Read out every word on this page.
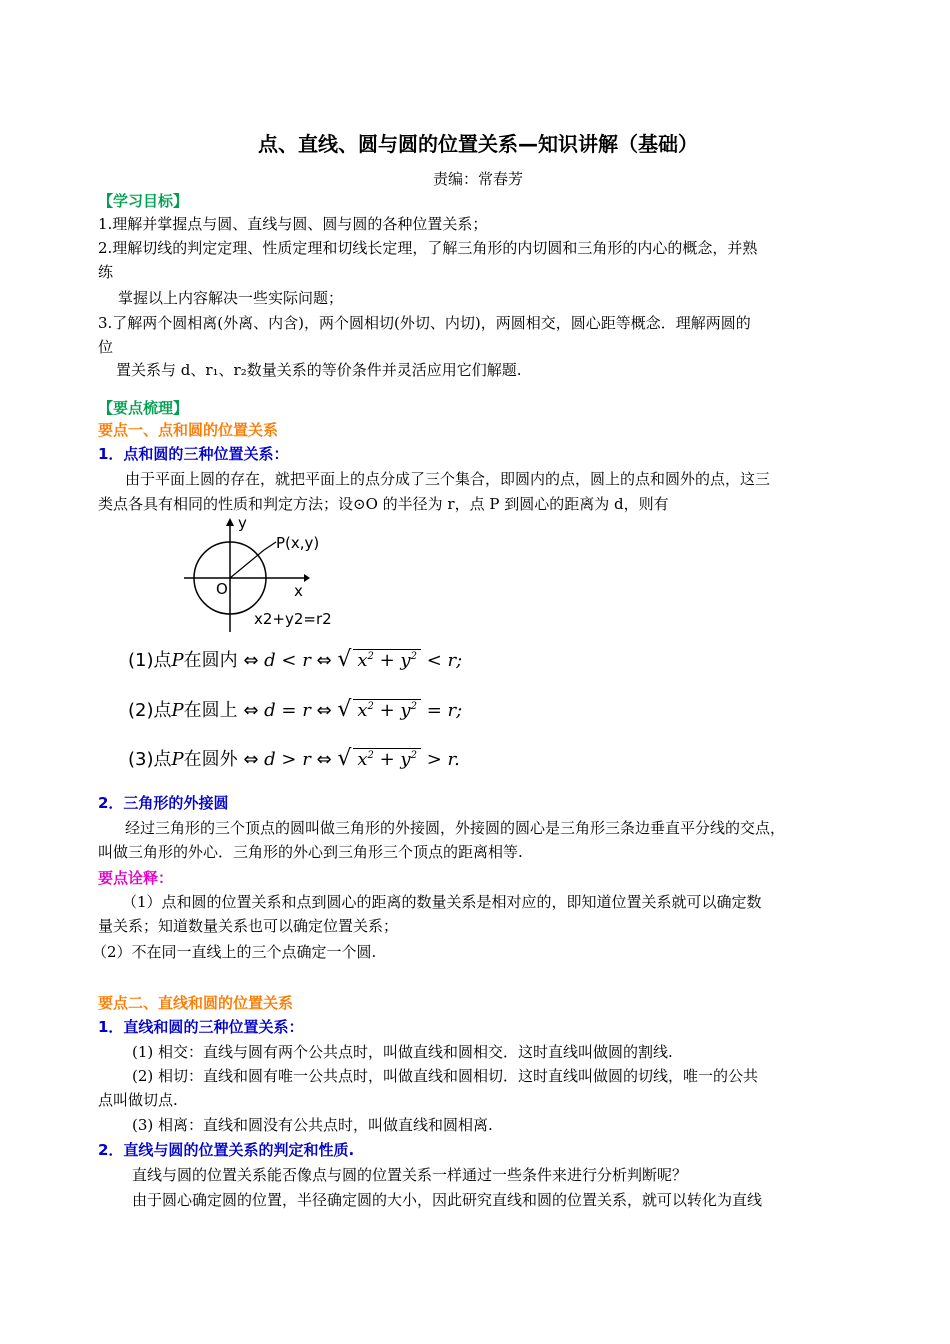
点、直线、圆与圆的位置关系—知识讲解（基础）
责编：常春芳
【学习目标】
1.理解并掌握点与圆、直线与圆、圆与圆的各种位置关系；
2.理解切线的判定定理、性质定理和切线长定理，了解三角形的内切圆和三角形的内心的概念，并熟
练
掌握以上内容解决一些实际问题；
3.了解两个圆相离(外离、内含)，两个圆相切(外切、内切)，两圆相交，圆心距等概念．理解两圆的
位
置关系与 d、r₁、r₂数量关系的等价条件并灵活应用它们解题.
【要点梳理】
要点一、点和圆的位置关系
1．点和圆的三种位置关系：
由于平面上圆的存在，就把平面上的点分成了三个集合，即圆内的点，圆上的点和圆外的点，这三
类点各具有相同的性质和判定方法；设⊙O 的半径为 r，点 P 到圆心的距离为 d，则有
y
x
O
P(x,y)
x2+y2=r2
(1)点P在圆内 ⇔ d < r ⇔ √ $x^2 + y^2 < r$;
(2)点P在圆上 ⇔ d = r ⇔ √ $x^2 + y^2 = r$;
(3)点P在圆外 ⇔ d > r ⇔ √ $x^2 + y^2 > r$.
2．三角形的外接圆
经过三角形的三个顶点的圆叫做三角形的外接圆，外接圆的圆心是三角形三条边垂直平分线的交点，
叫做三角形的外心．三角形的外心到三角形三个顶点的距离相等.
要点诠释：
（1）点和圆的位置关系和点到圆心的距离的数量关系是相对应的，即知道位置关系就可以确定数
量关系；知道数量关系也可以确定位置关系；
（2）不在同一直线上的三个点确定一个圆.
要点二、直线和圆的位置关系
1．直线和圆的三种位置关系：
(1) 相交：直线与圆有两个公共点时，叫做直线和圆相交．这时直线叫做圆的割线.
(2) 相切：直线和圆有唯一公共点时，叫做直线和圆相切．这时直线叫做圆的切线，唯一的公共
点叫做切点.
(3) 相离：直线和圆没有公共点时，叫做直线和圆相离.
2．直线与圆的位置关系的判定和性质.
直线与圆的位置关系能否像点与圆的位置关系一样通过一些条件来进行分析判断呢？
由于圆心确定圆的位置，半径确定圆的大小，因此研究直线和圆的位置关系，就可以转化为直线
